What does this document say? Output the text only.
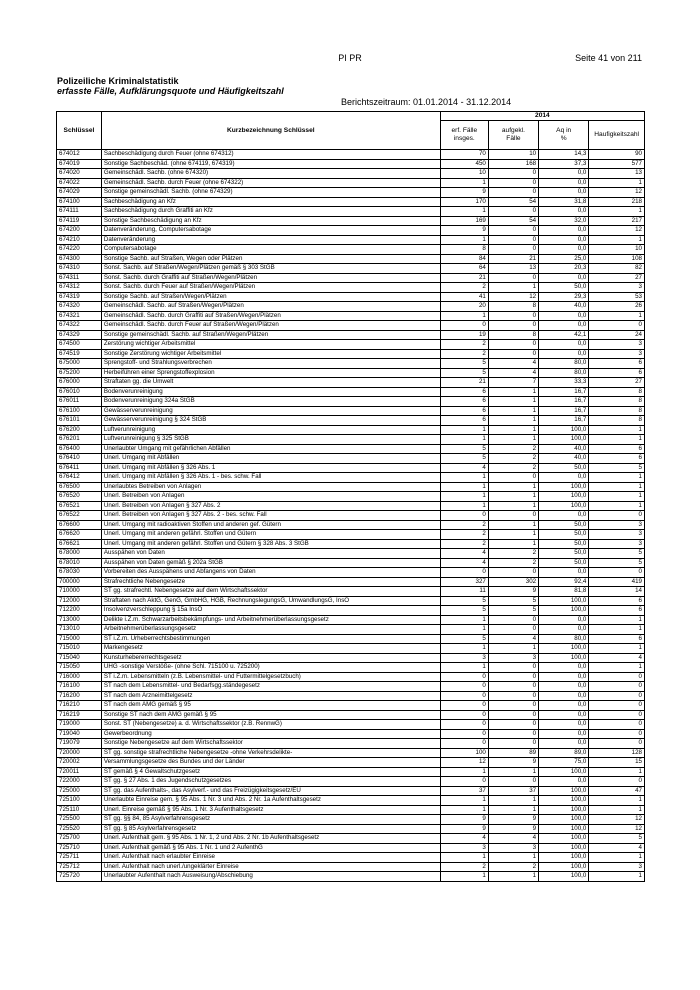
PI PR	Seite 41 von 211
Polizeiliche Kriminalstatistik
erfasste Fälle, Aufklärungsquote und Häufigkeitszahl
Berichtszeitraum: 01.01.2014 - 31.12.2014
Schlüssel	Kurzbezeichnung Schlüssel	2014			
		erf. Fälle insges.	aufgekl. Fälle	Aq in %	Haufigkeitszahl
674012	Sachbeschädigung durch Feuer (ohne 674312)	70	10	14,3	90
674019	Sonstige Sachbeschäd. (ohne 674119, 674319)	450	168	37,3	577
674020	Gemeinschädl. Sachb. (ohne 674320)	10	0	0,0	13
674022	Gemeinschädl. Sachb. durch Feuer (ohne 674322)	1	0	0,0	1
674029	Sonstige gemeinschädl. Sachb. (ohne 674329)	9	0	0,0	12
674100	Sachbeschädigung an Kfz	170	54	31,8	218
674111	Sachbeschädigung durch Graffiti an Kfz	1	0	0,0	1
674119	Sonstige Sachbeschädigung an Kfz	169	54	32,0	217
674200	Datenveränderung, Computersabotage	9	0	0,0	12
674210	Datenveränderung	1	0	0,0	1
674220	Computersabotage	8	0	0,0	10
674300	Sonstige Sachb. auf Straßen, Wegen oder Plätzen	84	21	25,0	108
674310	Sonst. Sachb. auf Straßen/Wegen/Plätzen gemäß § 303 StGB	64	13	20,3	82
674311	Sonst. Sachb. durch Graffiti auf Straßen/Wegen/Plätzen	21	0	0,0	27
674312	Sonst. Sachb. durch Feuer auf Straßen/Wegen/Plätzen	2	1	50,0	3
674319	Sonstige Sachb. auf Straßen/Wegen/Plätzen	41	12	29,3	53
674320	Gemeinschädl. Sachb. auf Straßen/Wegen/Plätzen	20	8	40,0	26
674321	Gemeinschädl. Sachb. durch Graffiti auf Straßen/Wegen/Plätzen	1	0	0,0	1
674322	Gemeinschädl. Sachb. durch Feuer auf Straßen/Wegen/Plätzen	0	0	0,0	0
674329	Sonstige gemeinschädl. Sachb. auf Straßen/Wegen/Plätzen	19	8	42,1	24
674500	Zerstörung wichtiger Arbeitsmittel	2	0	0,0	3
674519	Sonstige Zerstörung wichtiger Arbeitsmittel	2	0	0,0	3
675000	Sprengstoff- und Strahlungsverbrechen	5	4	80,0	6
675200	Herbeiführen einer Sprengstoffexplosion	5	4	80,0	6
676000	Straftaten gg. die Umwelt	21	7	33,3	27
676010	Bodenverunreinigung	6	1	16,7	8
676011	Bodenverunreinigung 324a StGB	6	1	16,7	8
676100	Gewässerverunreinigung	6	1	16,7	8
676101	Gewässerverunreinigung § 324 StGB	6	1	16,7	8
676200	Luftverunreinigung	1	1	100,0	1
676201	Luftverunreinigung § 325 StGB	1	1	100,0	1
676400	Unerlaubter Umgang mit gefährlichen Abfällen	5	2	40,0	6
676410	Unerl. Umgang mit Abfällen	5	2	40,0	6
676411	Unerl. Umgang mit Abfällen § 326 Abs. 1	4	2	50,0	5
676412	Unerl. Umgang mit Abfällen § 326 Abs. 1 - bes. schw. Fall	1	0	0,0	1
676500	Unerlaubtes Betreiben von Anlagen	1	1	100,0	1
676520	Unerl. Betreiben von Anlagen	1	1	100,0	1
676521	Unerl. Betreiben von Anlagen § 327 Abs. 2	1	1	100,0	1
676522	Unerl. Betreiben von Anlagen § 327 Abs. 2 - bes. schw. Fall	0	0	0,0	0
676600	Unerl. Umgang mit radioaktiven Stoffen und anderen gef. Gütern	2	1	50,0	3
676620	Unerl. Umgang mit anderen gefährl. Stoffen und Gütern	2	1	50,0	3
676621	Unerl. Umgang mit anderen gefährl. Stoffen und Gütern § 328 Abs. 3 StGB	2	1	50,0	3
678000	Ausspähen von Daten	4	2	50,0	5
678010	Ausspähen von Daten gemäß § 202a StGB	4	2	50,0	5
678030	Vorbereiten des Ausspähens und Abfangens von Daten	0	0	0,0	0
700000	Strafrechtliche Nebengesetze	327	302	92,4	419
710000	ST gg. strafrechtl. Nebengesetze auf dem Wirtschaftssektor	11	9	81,8	14
712000	Straftaten nach AktG, GenG, GmbHG, HGB, RechnungslegungsG, UmwandlungsG, InsO	5	5	100,0	6
712200	Insolvenzverschleppung § 15a InsO	5	5	100,0	6
713000	Delikte i.Z.m. Schwarzarbeitsbekämpfungs- und Arbeitnehmerüberlassungsgesetz	1	0	0,0	1
713010	Arbeitnehmerüberlassungsgesetz	1	0	0,0	1
715000	ST i.Z.m. Urheberrechtsbestimmungen	5	4	80,0	6
715010	Markengesetz	1	1	100,0	1
715040	Kunsturhebererrechtsgesetz	3	3	100,0	4
715050	UHG -sonstige Verstöße- (ohne Schl. 715100 u. 725200)	1	0	0,0	1
716000	ST i.Z.m. Lebensmitteln (z.B. Lebensmittel- und Futtermittelgesetzbuch)	0	0	0,0	0
716100	ST nach dem Lebensmittel- und Bedarfsgg.ständegesetz	0	0	0,0	0
716200	ST nach dem Arzneimittelgesetz	0	0	0,0	0
716210	ST nach dem AMG gemäß § 95	0	0	0,0	0
716219	Sonstige ST nach dem AMG gemäß § 95	0	0	0,0	0
719000	Sonst. ST (Nebengesetze) a. d. Wirtschaftssektor (z.B. RennwG)	0	0	0,0	0
719040	Gewerbeordnung	0	0	0,0	0
719079	Sonstige Nebengesetze auf dem Wirtschaftssektor	0	0	0,0	0
720000	ST gg. sonstige strafrechtliche Nebengesetze -ohne Verkehrsdelikte-	100	89	89,0	128
720002	Versammlungsgesetze des Bundes und der Länder	12	9	75,0	15
720011	ST gemäß § 4 Gewaltschutzgesetz	1	1	100,0	1
722000	ST gg. § 27 Abs. 1 des Jugendschutzgesetzes	0	0	0,0	0
725000	ST gg. das Aufenthalts-, das Asylverf.- und das Freizügigkeitsgesetz/EU	37	37	100,0	47
725100	Unerlaubte Einreise gem. § 95 Abs. 1 Nr. 3 und Abs. 2 Nr. 1a Aufenthaltsgesetz	1	1	100,0	1
725110	Unerl. Einreise gemäß § 95 Abs. 1 Nr. 3 Aufenthaltsgesetz	1	1	100,0	1
725500	ST gg. §§ 84, 85 Asylverfahrensgesetz	9	9	100,0	12
725520	ST gg. § 85 Asylverfahrensgesetz	9	9	100,0	12
725700	Unerl. Aufenthalt gem. § 95 Abs. 1 Nr. 1, 2 und Abs. 2 Nr. 1b Aufenthaltsgesetz	4	4	100,0	5
725710	Unerl. Aufenthalt gemäß § 95 Abs. 1 Nr. 1 und 2 AufenthG	3	3	100,0	4
725711	Unerl. Aufenthalt nach erlaubter Einreise	1	1	100,0	1
725712	Unerl. Aufenthalt nach unerl./ungeklärter Einreise	2	2	100,0	3
725720	Unerlaubter Aufenthalt nach Ausweisung/Abschiebung	1	1	100,0	1
